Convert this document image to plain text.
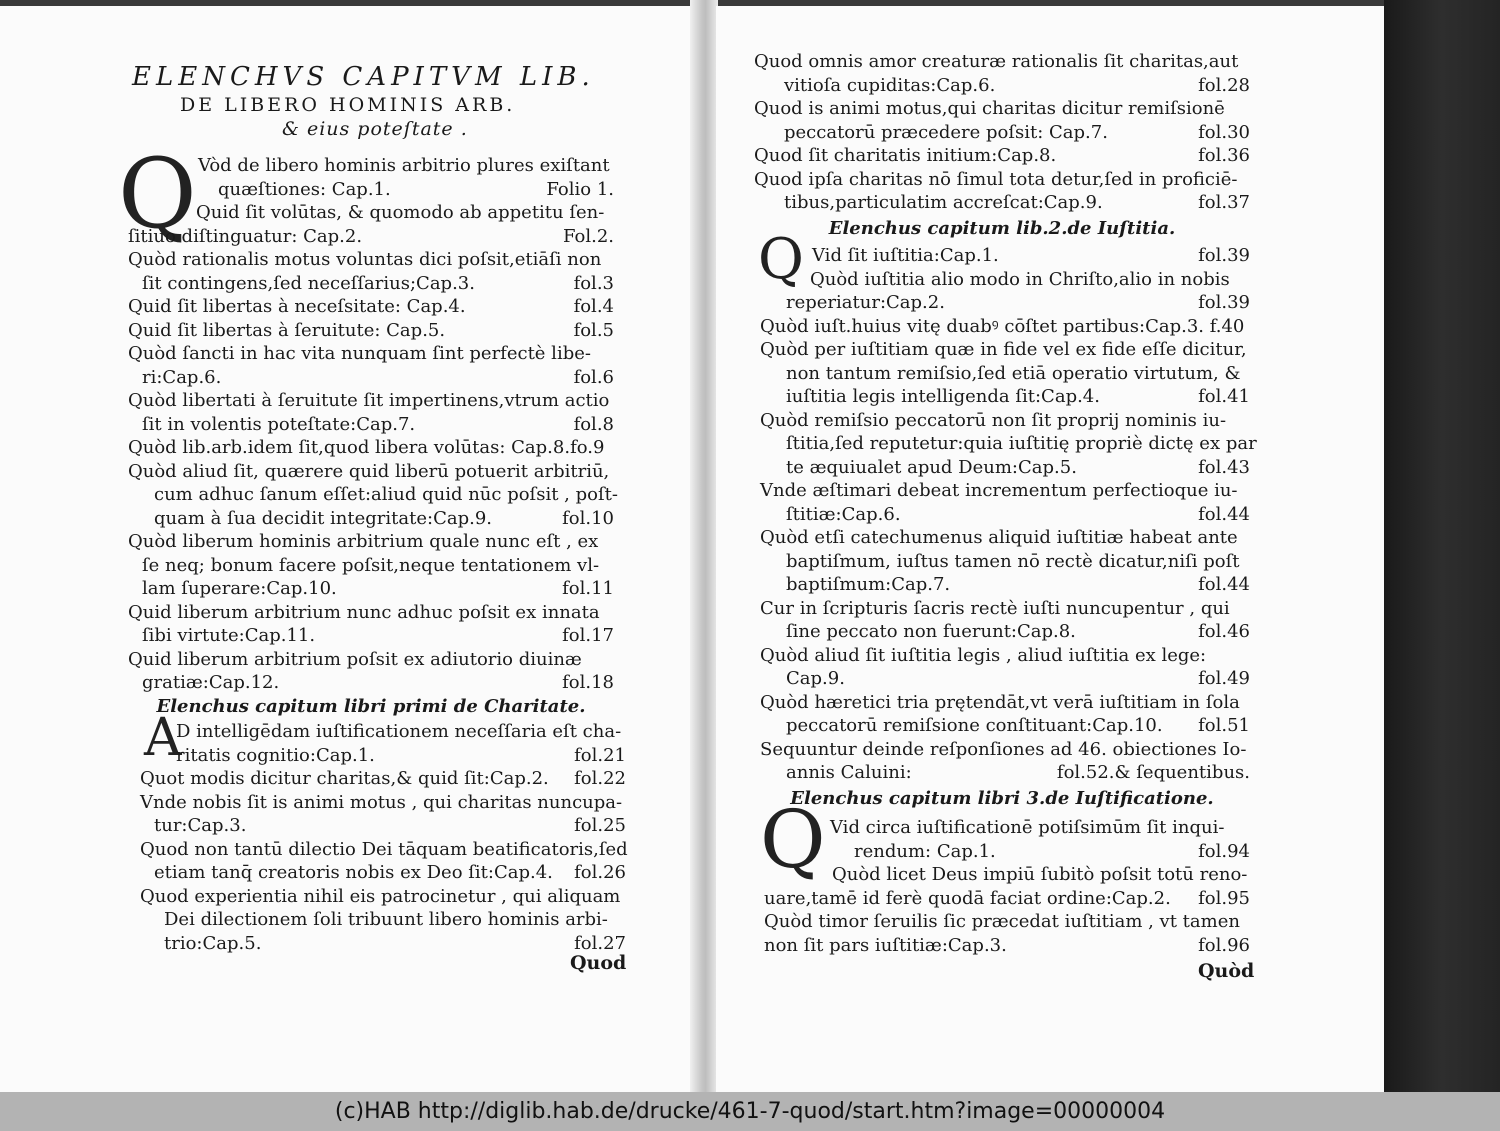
ELENCHVS CAPITVM LIB.
DE LIBERO HOMINIS ARB.
& eius poteſtate .
Q Vòd de libero hominis arbitrio plures exiſtant
quæſtiones: Cap.1.	Folio 1.
Quid ſit volūtas, & quomodo ab appetitu ſen-
ſitiuo diſtinguatur: Cap.2.	Fol.2.
Quòd rationalis motus voluntas dici poſsit,etiāſi non
ſit contingens,ſed neceſſarius;Cap.3.	fol.3
Quid ſit libertas à neceſsitate: Cap.4.	fol.4
Quid ſit libertas à ſeruitute: Cap.5.	fol.5
Quòd ſancti in hac vita nunquam ſint perfectè libe-
ri:Cap.6.	fol.6
Quòd libertati à ſeruitute ſit impertinens,vtrum actio
ſit in volentis poteſtate:Cap.7.	fol.8
Quòd lib.arb.idem ſit,quod libera volūtas: Cap.8.fo.9
Quòd aliud ſit, quærere quid liberū potuerit arbitriū,
cum adhuc ſanum eſſet:aliud quid nūc poſsit , poſt-
quam à ſua decidit integritate:Cap.9.	fol.10
Quòd liberum hominis arbitrium quale nunc eſt , ex
ſe neq; bonum facere poſsit,neque tentationem vl-
lam ſuperare:Cap.10.	fol.11
Quid liberum arbitrium nunc adhuc poſsit ex innata
ſibi virtute:Cap.11.	fol.17
Quid liberum arbitrium poſsit ex adiutorio diuinæ
gratiæ:Cap.12.	fol.18
Elenchus capitum libri primi de Charitate.
A
D intelligēdam iuſtificationem neceſſaria eſt cha-
ritatis cognitio:Cap.1.	fol.21
Quot modis dicitur charitas,& quid ſit:Cap.2. fol.22
Vnde nobis ſit is animi motus , qui charitas nuncupa-
tur:Cap.3.	fol.25
Quod non tantū dilectio Dei tāquam beatificatoris,ſed
etiam tanq̄ creatoris nobis ex Deo ſit:Cap.4. fol.26
Quod experientia nihil eis patrocinetur , qui aliquam
Dei dilectionem ſoli tribuunt libero hominis arbi-
trio:Cap.5.	fol.27
Quod
Quod omnis amor creaturæ rationalis ſit charitas,aut
vitioſa cupiditas:Cap.6.	fol.28
Quod is animi motus,qui charitas dicitur remiſsionē
peccatorū præcedere poſsit: Cap.7.	fol.30
Quod ſit charitatis initium:Cap.8.	fol.36
Quod ipſa charitas nō ſimul tota detur,ſed in proficiē-
tibus,particulatim accreſcat:Cap.9.	fol.37
Elenchus capitum lib.2.de Iuſtitia.
Vid ſit iuſtitia:Cap.1.	fol.39
Quòd iuſtitia alio modo in Chriſto,alio in nobis
reperiatur:Cap.2.	fol.39
Quòd iuſt.huius vitę duabꝰ cōſtet partibus:Cap.3. f.40
Quòd per iuſtitiam quæ in fide vel ex fide eſſe dicitur,
non tantum remiſsio,ſed etiā operatio virtutum, &
iuſtitia legis intelligenda ſit:Cap.4.	fol.41
Quòd remiſsio peccatorū non ſit proprij nominis iu-
ſtitia,ſed reputetur:quia iuſtitię propriè dictę ex par
te æquiualet apud Deum:Cap.5.	fol.43
Vnde æſtimari debeat incrementum perfectioque iu-
ſtitiæ:Cap.6.	fol.44
Quòd etſi catechumenus aliquid iuſtitiæ habeat ante
baptiſmum, iuſtus tamen nō rectè dicatur,niſi poſt
baptiſmum:Cap.7.	fol.44
Cur in ſcripturis ſacris rectè iuſti nuncupentur , qui
ſine peccato non fuerunt:Cap.8.	fol.46
Quòd aliud ſit iuſtitia legis , aliud iuſtitia ex lege:
Cap.9.	fol.49
Quòd hæretici tria prętendāt,vt verā iuſtitiam in ſola
peccatorū remiſsione conſtituant:Cap.10. fol.51
Sequuntur deinde reſponſiones ad 46. obiectiones Io-
annis Caluini:	fol.52.& ſequentibus.
Elenchus capitum libri 3.de Iuſtificatione.
Vid circa iuſtificationē potiſsimūm ſit inqui-
rendum: Cap.1.	fol.94
Quòd licet Deus impiū ſubitò poſsit totū reno-
uare,tamē id ferè quodā faciat ordine:Cap.2. fol.95
Quòd timor ſeruilis ſic præcedat iuſtitiam , vt tamen
non ſit pars iuſtitiæ:Cap.3.	fol.96
Quòd
Q
Q
(c)HAB http://diglib.hab.de/drucke/461-7-quod/start.htm?image=00000004
